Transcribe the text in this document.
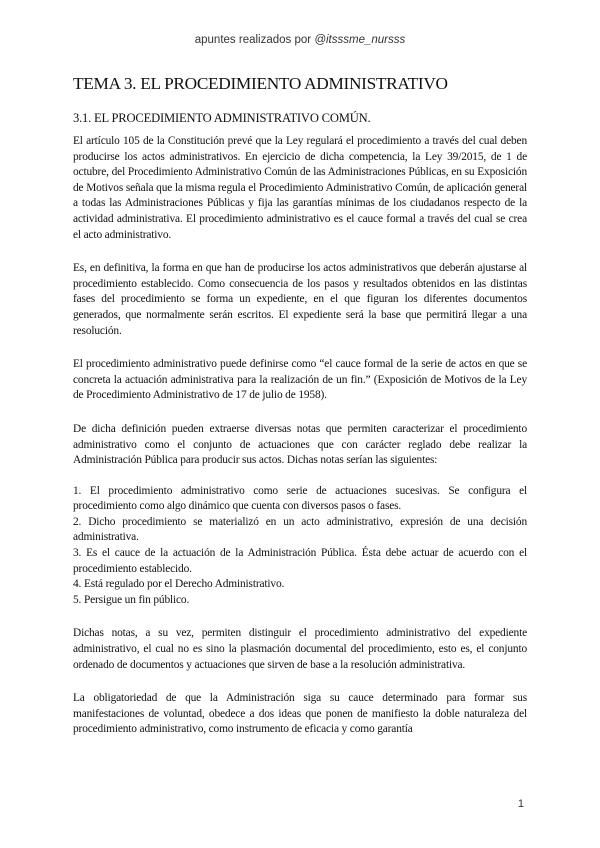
apuntes realizados por @itsssme_nursss
TEMA 3. EL PROCEDIMIENTO ADMINISTRATIVO
3.1. EL PROCEDIMIENTO ADMINISTRATIVO COMÚN.

El artículo 105 de la Constitución prevé que la Ley regulará el procedimiento a través del cual deben producirse los actos administrativos. En ejercicio de dicha competencia, la Ley 39/2015, de 1 de octubre, del Procedimiento Administrativo Común de las Administraciones Públicas, en su Exposición de Motivos señala que la misma regula el Procedimiento Administrativo Común, de aplicación general a todas las Administraciones Públicas y fija las garantías mínimas de los ciudadanos respecto de la actividad administrativa. El procedimiento administrativo es el cauce formal a través del cual se crea el acto administrativo.

Es, en definitiva, la forma en que han de producirse los actos administrativos que deberán ajustarse al procedimiento establecido. Como consecuencia de los pasos y resultados obtenidos en las distintas fases del procedimiento se forma un expediente, en el que figuran los diferentes documentos generados, que normalmente serán escritos. El expediente será la base que permitirá llegar a una resolución.

El procedimiento administrativo puede definirse como “el cauce formal de la serie de actos en que se concreta la actuación administrativa para la realización de un fin.” (Exposición de Motivos de la Ley de Procedimiento Administrativo de 17 de julio de 1958).

De dicha definición pueden extraerse diversas notas que permiten caracterizar el procedimiento administrativo como el conjunto de actuaciones que con carácter reglado debe realizar la Administración Pública para producir sus actos. Dichas notas serían las siguientes:

1. El procedimiento administrativo como serie de actuaciones sucesivas. Se configura el procedimiento como algo dinámico que cuenta con diversos pasos o fases.
2. Dicho procedimiento se materializó en un acto administrativo, expresión de una decisión administrativa.
3. Es el cauce de la actuación de la Administración Pública. Ésta debe actuar de acuerdo con el procedimiento establecido.
4. Está regulado por el Derecho Administrativo.
5. Persigue un fin público.

Dichas notas, a su vez, permiten distinguir el procedimiento administrativo del expediente administrativo, el cual no es sino la plasmación documental del procedimiento, esto es, el conjunto ordenado de documentos y actuaciones que sirven de base a la resolución administrativa.

La obligatoriedad de que la Administración siga su cauce determinado para formar sus manifestaciones de voluntad, obedece a dos ideas que ponen de manifiesto la doble naturaleza del procedimiento administrativo, como instrumento de eficacia y como garantía

1
